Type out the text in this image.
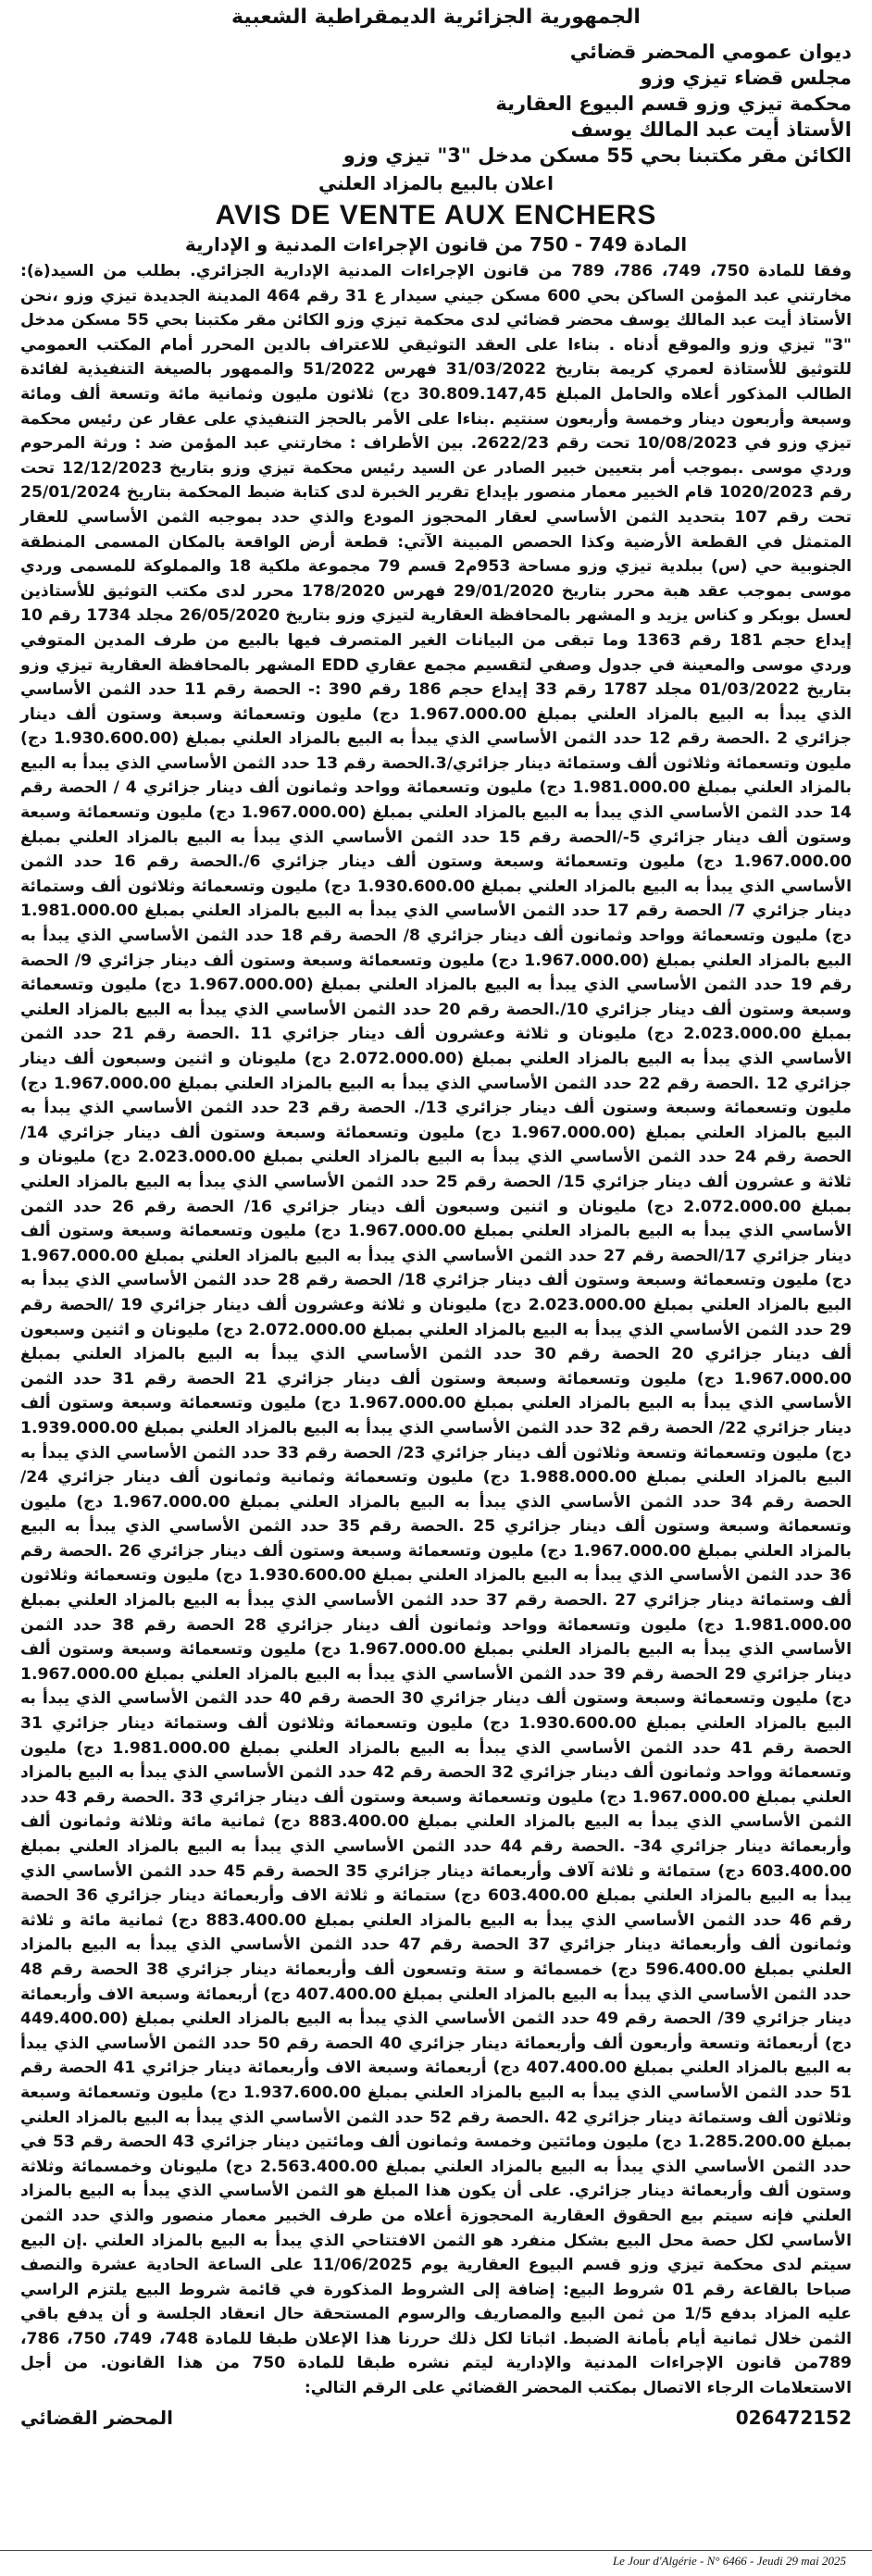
الجمهورية الجزائرية الديمقراطية الشعبية

ديوان عمومي المحضر قضائي

مجلس قضاء تيزي وزو

محكمة تيزي وزو قسم البيوع العقارية

الأستاذ أيت عبد المالك يوسف

الكائن مقر مكتبنا بحي 55 مسكن مدخل "3" تيزي وزو

اعلان بالبيع بالمزاد العلني

AVIS DE VENTE AUX ENCHERS

المادة 749 - 750 من قانون الإجراءات المدنية و الإدارية

وفقا للمادة 750، 749، 786، 789 من قانون الإجراءات المدنية الإدارية الجزائري. بطلب من السيد(ة): مخارتني عبد المؤمن الساكن بحي 600 مسكن جيني سيدار ع 31 رقم 464 المدينة الجديدة تيزي وزو ،نحن الأستاذ أيت عبد المالك يوسف محضر قضائي لدى محكمة تيزي وزو الكائن مقر مكتبنا بحي 55 مسكن مدخل "3" تيزي وزو والموقع أدناه . بناءا على العقد التوثيقي للاعتراف بالدين المحرر أمام المكتب العمومي للتوثيق للأستاذة لعمري كريمة بتاريخ 31/03/2022 فهرس 51/2022 والممهور بالصيغة التنفيذية لفائدة الطالب المذكور أعلاه والحامل المبلغ 30.809.147,45 دج) ثلاثون مليون وثمانية مائة وتسعة ألف ومائة وسبعة وأربعون دينار وخمسة وأربعون سنتيم .بناءا على الأمر بالحجز التنفيذي على عقار عن رئيس محكمة تيزي وزو في 10/08/2023 تحت رقم 2622/23. بين الأطراف : مخارتني عبد المؤمن ضد : ورثة المرحوم وردي موسى .بموجب أمر بتعيين خبير الصادر عن السيد رئيس محكمة تيزي وزو بتاريخ 12/12/2023 تحت رقم 1020/2023 قام الخبير معمار منصور بإيداع تقرير الخبرة لدى كتابة ضبط المحكمة بتاريخ 25/01/2024 تحت رقم 107 بتحديد الثمن الأساسي لعقار المحجوز المودع والذي حدد بموجبه الثمن الأساسي للعقار المتمثل في القطعة الأرضية وكذا الحصص المبينة الآتي: قطعة أرض الواقعة بالمكان المسمى المنطقة الجنوبية حي (س) ببلدية تيزي وزو مساحة 953م2 قسم 79 مجموعة ملكية 18 والمملوكة للمسمى وردي موسى بموجب عقد هبة محرر بتاريخ 29/01/2020 فهرس 178/2020 محرر لدى مكتب التوثيق للأستاذين لعسل بوبكر و كناس يزيد و المشهر بالمحافظة العقارية لتيزي وزو بتاريخ 26/05/2020 مجلد 1734 رقم 10 إيداع حجم 181 رقم 1363 وما تبقى من البيانات الغير المتصرف فيها بالبيع من طرف المدين المتوفي وردي موسى والمعينة في جدول وصفي لتقسيم مجمع عقاري EDD المشهر بالمحافظة العقارية تيزي وزو بتاريخ 01/03/2022 مجلد 1787 رقم 33 إيداع حجم 186 رقم 390 :- الحصة رقم 11 حدد الثمن الأساسي الذي يبدأ به البيع بالمزاد العلني بمبلغ 1.967.000.00 دج) مليون وتسعمائة وسبعة وستون ألف دينار جزائري 2 .الحصة رقم 12 حدد الثمن الأساسي الذي يبدأ به البيع بالمزاد العلني بمبلغ (1.930.600.00 دج) مليون وتسعمائة وثلاثون ألف وستمائة دينار جزائري/3.الحصة رقم 13 حدد الثمن الأساسي الذي يبدأ به البيع بالمزاد العلني بمبلغ 1.981.000.00 دج) مليون وتسعمائة وواحد وثمانون ألف دينار جزائري 4 / الحصة رقم 14 حدد الثمن الأساسي الذي يبدأ به البيع بالمزاد العلني بمبلغ (1.967.000.00 دج) مليون وتسعمائة وسبعة وستون ألف دينار جزائري 5-/الحصة رقم 15 حدد الثمن الأساسي الذي يبدأ به البيع بالمزاد العلني بمبلغ 1.967.000.00 دج) مليون وتسعمائة وسبعة وستون ألف دينار جزائري 6/.الحصة رقم 16 حدد الثمن الأساسي الذي يبدأ به البيع بالمزاد العلني بمبلغ 1.930.600.00 دج) مليون وتسعمائة وثلاثون ألف وستمائة دينار جزائري 7/ الحصة رقم 17 حدد الثمن الأساسي الذي يبدأ به البيع بالمزاد العلني بمبلغ 1.981.000.00 دج) مليون وتسعمائة وواحد وثمانون ألف دينار جزائري 8/ الحصة رقم 18 حدد الثمن الأساسي الذي يبدأ به البيع بالمزاد العلني بمبلغ (1.967.000.00 دج) مليون وتسعمائة وسبعة وستون ألف دينار جزائري 9/ الحصة رقم 19 حدد الثمن الأساسي الذي يبدأ به البيع بالمزاد العلني بمبلغ (1.967.000.00 دج) مليون وتسعمائة وسبعة وستون ألف دينار جزائري 10/.الحصة رقم 20 حدد الثمن الأساسي الذي يبدأ به البيع بالمزاد العلني بمبلغ 2.023.000.00 دج) مليونان و ثلاثة وعشرون ألف دينار جزائري 11 .الحصة رقم 21 حدد الثمن الأساسي الذي يبدأ به البيع بالمزاد العلني بمبلغ (2.072.000.00 دج) مليونان و اثنين وسبعون ألف دينار جزائري 12 .الحصة رقم 22 حدد الثمن الأساسي الذي يبدأ به البيع بالمزاد العلني بمبلغ 1.967.000.00 دج) مليون وتسعمائة وسبعة وستون ألف دينار جزائري 13/. الحصة رقم 23 حدد الثمن الأساسي الذي يبدأ به البيع بالمزاد العلني بمبلغ (1.967.000.00 دج) مليون وتسعمائة وسبعة وستون ألف دينار جزائري 14/ الحصة رقم 24 حدد الثمن الأساسي الذي يبدأ به البيع بالمزاد العلني بمبلغ 2.023.000.00 دج) مليونان و ثلاثة و عشرون ألف دينار جزائري 15/ الحصة رقم 25 حدد الثمن الأساسي الذي يبدأ به البيع بالمزاد العلني بمبلغ 2.072.000.00 دج) مليونان و اثنين وسبعون ألف دينار جزائري 16/ الحصة رقم 26 حدد الثمن الأساسي الذي يبدأ به البيع بالمزاد العلني بمبلغ 1.967.000.00 دج) مليون وتسعمائة وسبعة وستون ألف دينار جزائري 17/الحصة رقم 27 حدد الثمن الأساسي الذي يبدأ به البيع بالمزاد العلني بمبلغ 1.967.000.00 دج) مليون وتسعمائة وسبعة وستون ألف دينار جزائري 18/ الحصة رقم 28 حدد الثمن الأساسي الذي يبدأ به البيع بالمزاد العلني بمبلغ 2.023.000.00 دج) مليونان و ثلاثة وعشرون ألف دينار جزائري 19 /الحصة رقم 29 حدد الثمن الأساسي الذي يبدأ به البيع بالمزاد العلني بمبلغ 2.072.000.00 دج) مليونان و اثنين وسبعون ألف دينار جزائري 20 الحصة رقم 30 حدد الثمن الأساسي الذي يبدأ به البيع بالمزاد العلني بمبلغ 1.967.000.00 دج) مليون وتسعمائة وسبعة وستون ألف دينار جزائري 21 الحصة رقم 31 حدد الثمن الأساسي الذي يبدأ به البيع بالمزاد العلني بمبلغ 1.967.000.00 دج) مليون وتسعمائة وسبعة وستون ألف دينار جزائري 22/ الحصة رقم 32 حدد الثمن الأساسي الذي يبدأ به البيع بالمزاد العلني بمبلغ 1.939.000.00 دج) مليون وتسعمائة وتسعة وثلاثون ألف دينار جزائري 23/ الحصة رقم 33 حدد الثمن الأساسي الذي يبدأ به البيع بالمزاد العلني بمبلغ 1.988.000.00 دج) مليون وتسعمائة وثمانية وثمانون ألف دينار جزائري 24/ الحصة رقم 34 حدد الثمن الأساسي الذي يبدأ به البيع بالمزاد العلني بمبلغ 1.967.000.00 دج) مليون وتسعمائة وسبعة وستون ألف دينار جزائري 25 .الحصة رقم 35 حدد الثمن الأساسي الذي يبدأ به البيع بالمزاد العلني بمبلغ 1.967.000.00 دج) مليون وتسعمائة وسبعة وستون ألف دينار جزائري 26 .الحصة رقم 36 حدد الثمن الأساسي الذي يبدأ به البيع بالمزاد العلني بمبلغ 1.930.600.00 دج) مليون وتسعمائة وثلاثون ألف وستمائة دينار جزائري 27 .الحصة رقم 37 حدد الثمن الأساسي الذي يبدأ به البيع بالمزاد العلني بمبلغ 1.981.000.00 دج) مليون وتسعمائة وواحد وثمانون ألف دينار جزائري 28 الحصة رقم 38 حدد الثمن الأساسي الذي يبدأ به البيع بالمزاد العلني بمبلغ 1.967.000.00 دج) مليون وتسعمائة وسبعة وستون ألف دينار جزائري 29 الحصة رقم 39 حدد الثمن الأساسي الذي يبدأ به البيع بالمزاد العلني بمبلغ 1.967.000.00 دج) مليون وتسعمائة وسبعة وستون ألف دينار جزائري 30 الحصة رقم 40 حدد الثمن الأساسي الذي يبدأ به البيع بالمزاد العلني بمبلغ 1.930.600.00 دج) مليون وتسعمائة وثلاثون ألف وستمائة دينار جزائري 31 الحصة رقم 41 حدد الثمن الأساسي الذي يبدأ به البيع بالمزاد العلني بمبلغ 1.981.000.00 دج) مليون وتسعمائة وواحد وثمانون ألف دينار جزائري 32 الحصة رقم 42 حدد الثمن الأساسي الذي يبدأ به البيع بالمزاد العلني بمبلغ 1.967.000.00 دج) مليون وتسعمائة وسبعة وستون ألف دينار جزائري 33 .الحصة رقم 43 حدد الثمن الأساسي الذي يبدأ به البيع بالمزاد العلني بمبلغ 883.400.00 دج) ثمانية مائة وثلاثة وثمانون ألف وأربعمائة دينار جزائري 34- .الحصة رقم 44 حدد الثمن الأساسي الذي يبدأ به البيع بالمزاد العلني بمبلغ 603.400.00 دج) ستمائة و ثلاثة آلاف وأربعمائة دينار جزائري 35 الحصة رقم 45 حدد الثمن الأساسي الذي يبدأ به البيع بالمزاد العلني بمبلغ 603.400.00 دج) ستمائة و ثلاثة الاف وأربعمائة دينار جزائري 36 الحصة رقم 46 حدد الثمن الأساسي الذي يبدأ به البيع بالمزاد العلني بمبلغ 883.400.00 دج) ثمانية مائة و ثلاثة وثمانون ألف وأربعمائة دينار جزائري 37 الحصة رقم 47 حدد الثمن الأساسي الذي يبدأ به البيع بالمزاد العلني بمبلغ 596.400.00 دج) خمسمائة و ستة وتسعون ألف وأربعمائة دينار جزائري 38 الحصة رقم 48 حدد الثمن الأساسي الذي يبدأ به البيع بالمزاد العلني بمبلغ 407.400.00 دج) أربعمائة وسبعة الاف وأربعمائة دينار جزائري 39/ الحصة رقم 49 حدد الثمن الأساسي الذي يبدأ به البيع بالمزاد العلني بمبلغ (449.400.00 دج) أربعمائة وتسعة وأربعون ألف وأربعمائة دينار جزائري 40 الحصة رقم 50 حدد الثمن الأساسي الذي يبدأ به البيع بالمزاد العلني بمبلغ 407.400.00 دج) أربعمائة وسبعة الاف وأربعمائة دينار جزائري 41 الحصة رقم 51 حدد الثمن الأساسي الذي يبدأ به البيع بالمزاد العلني بمبلغ 1.937.600.00 دج) مليون وتسعمائة وسبعة وثلاثون ألف وستمائة دينار جزائري 42 .الحصة رقم 52 حدد الثمن الأساسي الذي يبدأ به البيع بالمزاد العلني بمبلغ 1.285.200.00 دج) مليون ومائتين وخمسة وثمانون ألف ومائتين دينار جزائري 43 الحصة رقم 53 في حدد الثمن الأساسي الذي يبدأ به البيع بالمزاد العلني بمبلغ 2.563.400.00 دج) مليونان وخمسمائة وثلاثة وستون ألف وأربعمائة دينار جزائري. على أن يكون هذا المبلغ هو الثمن الأساسي الذي يبدأ به البيع بالمزاد العلني فإنه سيتم بيع الحقوق العقارية المحجوزة أعلاه من طرف الخبير معمار منصور والذي حدد الثمن الأساسي لكل حصة محل البيع بشكل منفرد هو الثمن الافتتاحي الذي يبدأ به البيع بالمزاد العلني .إن البيع سيتم لدى محكمة تيزي وزو قسم البيوع العقارية يوم 11/06/2025 على الساعة الحادية عشرة والنصف صباحا بالقاعة رقم 01 شروط البيع: إضافة إلى الشروط المذكورة في قائمة شروط البيع يلتزم الراسي عليه المزاد بدفع 1/5 من ثمن البيع والمصاريف والرسوم المستحقة حال انعقاد الجلسة و أن يدفع باقي الثمن خلال ثمانية أيام بأمانة الضبط. اثباتا لكل ذلك حررنا هذا الإعلان طبقا للمادة 748، 749، 750، 786، 789من قانون الإجراءات المدنية والإدارية ليتم نشره طبقا للمادة 750 من هذا القانون. من أجل الاستعلامات الرجاء الاتصال بمكتب المحضر القضائي على الرقم التالي:

026472152
المحضر القضائي
Le Jour d'Algérie - N° 6466 - Jeudi 29 mai 2025
